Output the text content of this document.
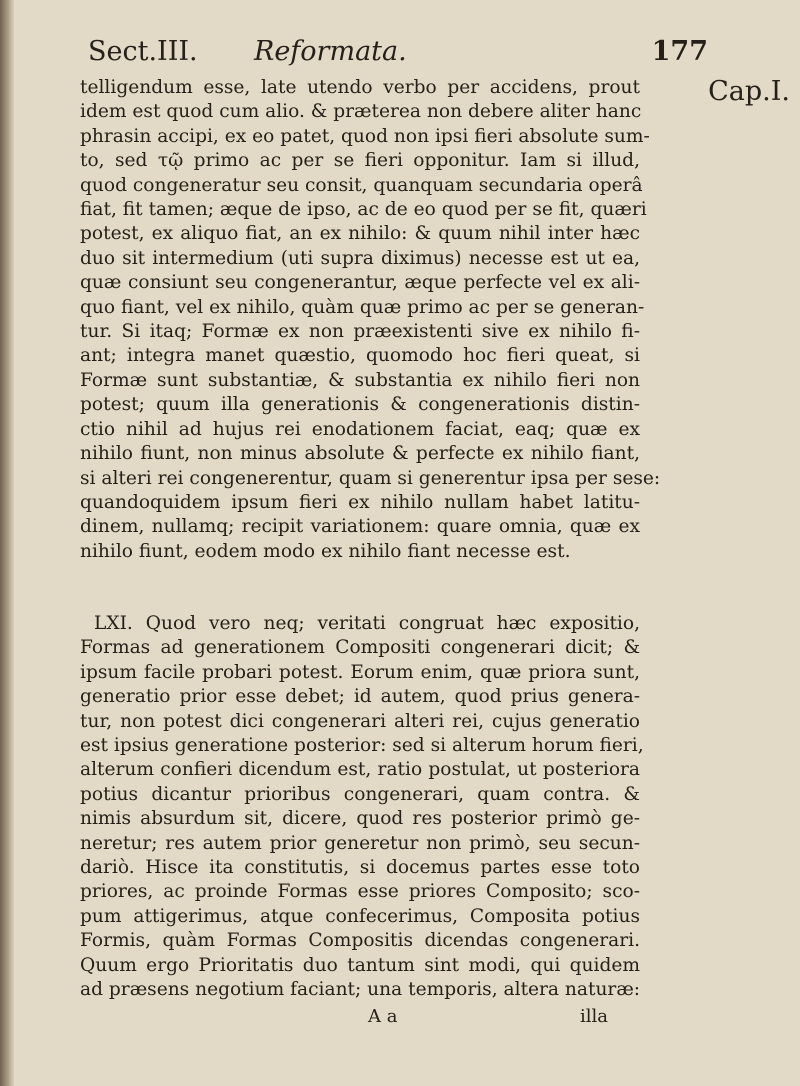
Sect.III. Reformata.	177
Cap.I.
telligendum esse, late utendo verbo per accidens, prout
idem est quod cum alio. & præterea non debere aliter hanc
phrasin accipi, ex eo patet, quod non ipsi fieri absolute sum-
to, sed τῷ primo ac per se fieri opponitur. Iam si illud,
quod congeneratur seu consit, quanquam secundaria operâ
fiat, fit tamen; æque de ipso, ac de eo quod per se fit, quæri
potest, ex aliquo fiat, an ex nihilo: & quum nihil inter hæc
duo sit intermedium (uti supra diximus) necesse est ut ea,
quæ consiunt seu congenerantur, æque perfecte vel ex ali-
quo fiant, vel ex nihilo, quàm quæ primo ac per se generan-
tur. Si itaq; Formæ ex non præexistenti sive ex nihilo fi-
ant; integra manet quæstio, quomodo hoc fieri queat, si
Formæ sunt substantiæ, & substantia ex nihilo fieri non
potest; quum illa generationis & congenerationis distin-
ctio nihil ad hujus rei enodationem faciat, eaq; quæ ex
nihilo fiunt, non minus absolute & perfecte ex nihilo fiant,
si alteri rei congenerentur, quam si generentur ipsa per sese:
quandoquidem ipsum fieri ex nihilo nullam habet latitu-
dinem, nullamq; recipit variationem: quare omnia, quæ ex
nihilo fiunt, eodem modo ex nihilo fiant necesse est.
LXI. Quod vero neq; veritati congruat hæc expositio,
Formas ad generationem Compositi congenerari dicit; &
ipsum facile probari potest. Eorum enim, quæ priora sunt,
generatio prior esse debet; id autem, quod prius genera-
tur, non potest dici congenerari alteri rei, cujus generatio
est ipsius generatione posterior: sed si alterum horum fieri,
alterum confieri dicendum est, ratio postulat, ut posteriora
potius dicantur prioribus congenerari, quam contra. &
nimis absurdum sit, dicere, quod res posterior primò ge-
neretur; res autem prior generetur non primò, seu secun-
dariò. Hisce ita constitutis, si docemus partes esse toto
priores, ac proinde Formas esse priores Composito; sco-
pum attigerimus, atque confecerimus, Composita potius
Formis, quàm Formas Compositis dicendas congenerari.
Quum ergo Prioritatis duo tantum sint modi, qui quidem
ad præsens negotium faciant; una temporis, altera naturæ:
A a	illa
